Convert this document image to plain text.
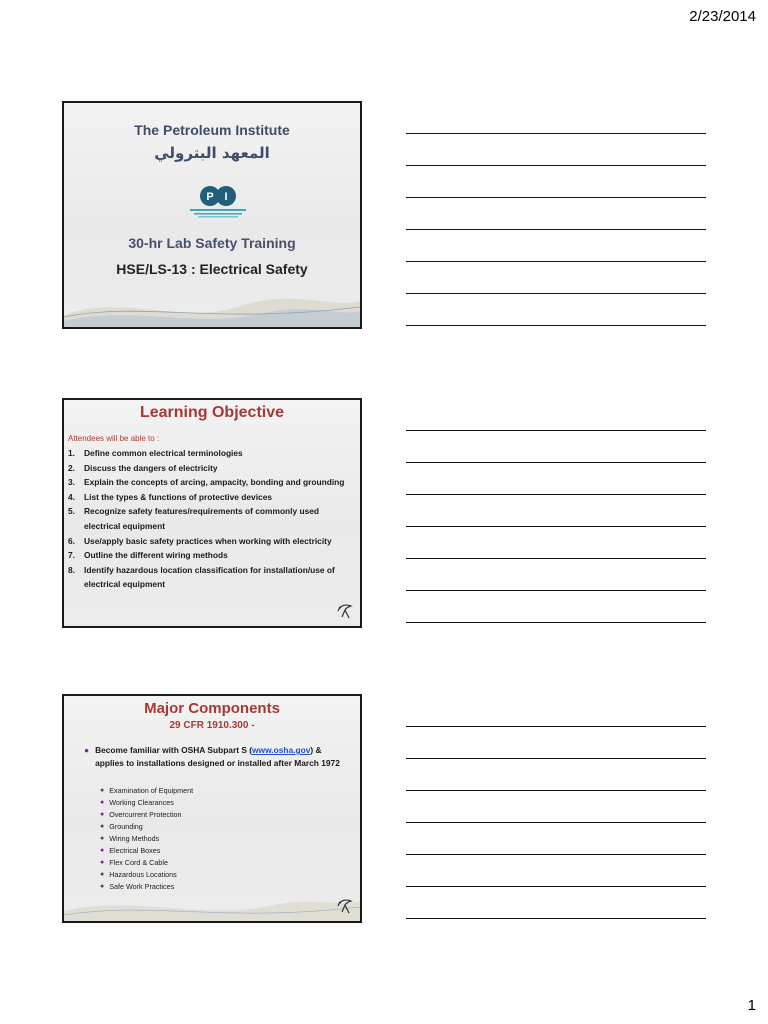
2/23/2014
The Petroleum Institute
المعهد البترولي
P I
30-hr Lab Safety Training
HSE/LS-13 : Electrical Safety
Learning Objective
Attendees will be able to :
1.	Define common electrical terminologies
2.	Discuss the dangers of electricity
3.	Explain the concepts of arcing, ampacity, bonding and grounding
4.	List the types & functions of protective devices
5.	Recognize safety features/requirements of commonly used electrical equipment
6.	Use/apply basic safety practices when working with electricity
7.	Outline the different wiring methods
8.	Identify hazardous location classification for installation/use of electrical equipment
Major Components
29 CFR 1910.300 -
● Become familiar with OSHA Subpart S (www.osha.gov) & applies to installations designed or installed after March 1972
● Examination of Equipment
● Working Clearances
● Overcurrent Protection
● Grounding
● Wiring Methods
● Electrical Boxes
● Flex Cord & Cable
● Hazardous Locations
● Safe Work Practices
1
